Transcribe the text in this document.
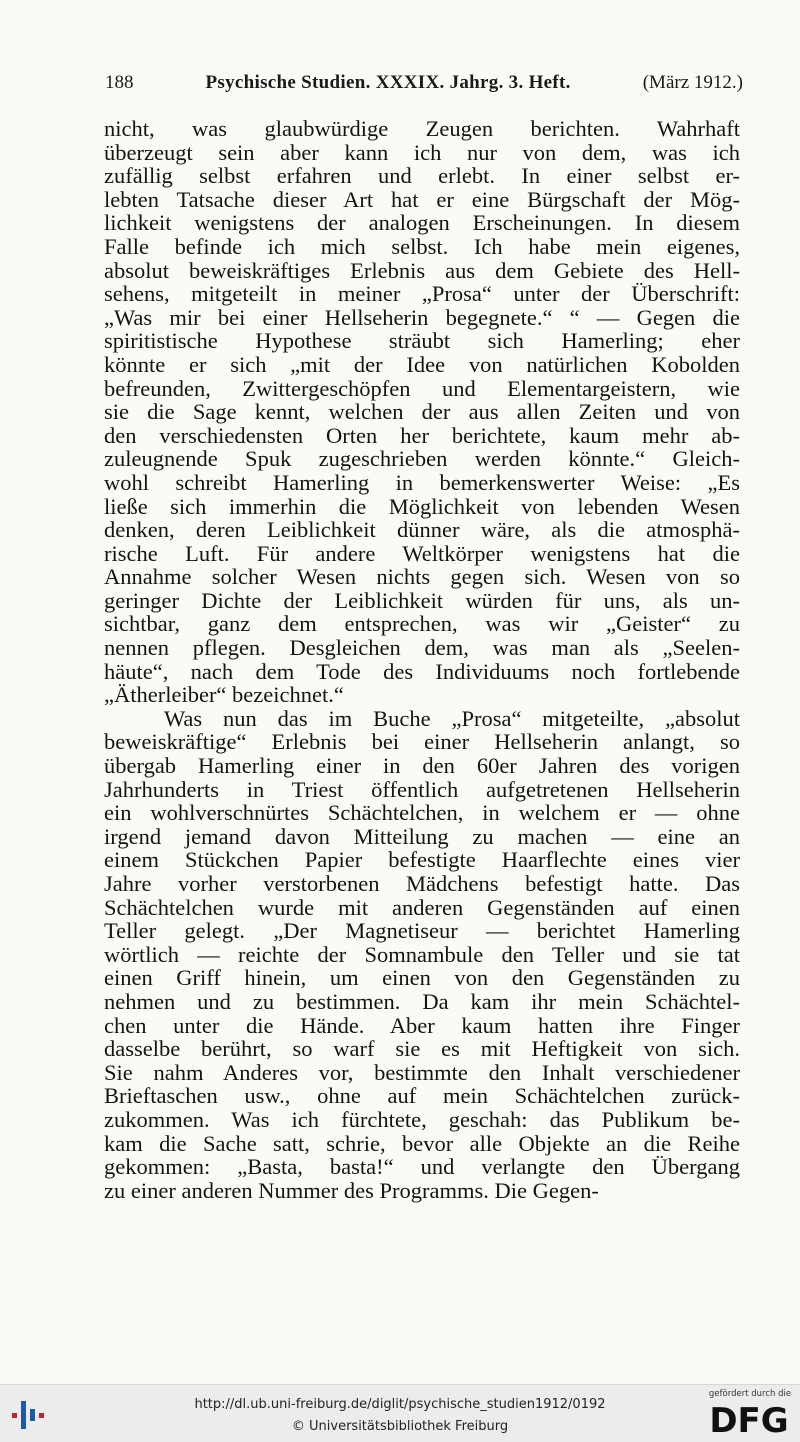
188	Psychische Studien. XXXIX. Jahrg. 3. Heft.	(März 1912.)
nicht, was glaubwürdige Zeugen berichten. Wahrhaft
überzeugt sein aber kann ich nur von dem, was ich
zufällig selbst erfahren und erlebt. In einer selbst er-
lebten Tatsache dieser Art hat er eine Bürgschaft der Mög-
lichkeit wenigstens der analogen Erscheinungen. In diesem
Falle befinde ich mich selbst. Ich habe mein eigenes,
absolut beweiskräftiges Erlebnis aus dem Gebiete des Hell-
sehens, mitgeteilt in meiner „Prosa“ unter der Überschrift:
„Was mir bei einer Hellseherin begegnete.“ “ — Gegen die
spiritistische Hypothese sträubt sich Hamerling; eher
könnte er sich „mit der Idee von natürlichen Kobolden
befreunden, Zwittergeschöpfen und Elementargeistern, wie
sie die Sage kennt, welchen der aus allen Zeiten und von
den verschiedensten Orten her berichtete, kaum mehr ab-
zuleugnende Spuk zugeschrieben werden könnte.“ Gleich-
wohl schreibt Hamerling in bemerkenswerter Weise: „Es
ließe sich immerhin die Möglichkeit von lebenden Wesen
denken, deren Leiblichkeit dünner wäre, als die atmosphä-
rische Luft. Für andere Weltkörper wenigstens hat die
Annahme solcher Wesen nichts gegen sich. Wesen von so
geringer Dichte der Leiblichkeit würden für uns, als un-
sichtbar, ganz dem entsprechen, was wir „Geister“ zu
nennen pflegen. Desgleichen dem, was man als „Seelen-
häute“, nach dem Tode des Individuums noch fortlebende
„Ätherleiber“ bezeichnet.“
Was nun das im Buche „Prosa“ mitgeteilte, „absolut
beweiskräftige“ Erlebnis bei einer Hellseherin anlangt, so
übergab Hamerling einer in den 60er Jahren des vorigen
Jahrhunderts in Triest öffentlich aufgetretenen Hellseherin
ein wohlverschnürtes Schächtelchen, in welchem er — ohne
irgend jemand davon Mitteilung zu machen — eine an
einem Stückchen Papier befestigte Haarflechte eines vier
Jahre vorher verstorbenen Mädchens befestigt hatte. Das
Schächtelchen wurde mit anderen Gegenständen auf einen
Teller gelegt. „Der Magnetiseur — berichtet Hamerling
wörtlich — reichte der Somnambule den Teller und sie tat
einen Griff hinein, um einen von den Gegenständen zu
nehmen und zu bestimmen. Da kam ihr mein Schächtel-
chen unter die Hände. Aber kaum hatten ihre Finger
dasselbe berührt, so warf sie es mit Heftigkeit von sich.
Sie nahm Anderes vor, bestimmte den Inhalt verschiedener
Brieftaschen usw., ohne auf mein Schächtelchen zurück-
zukommen. Was ich fürchtete, geschah: das Publikum be-
kam die Sache satt, schrie, bevor alle Objekte an die Reihe
gekommen: „Basta, basta!“ und verlangte den Übergang
zu einer anderen Nummer des Programms. Die Gegen-
http://dl.ub.uni-freiburg.de/diglit/psychische_studien1912/0192
© Universitätsbibliothek Freiburg
gefördert durch die
DFG
